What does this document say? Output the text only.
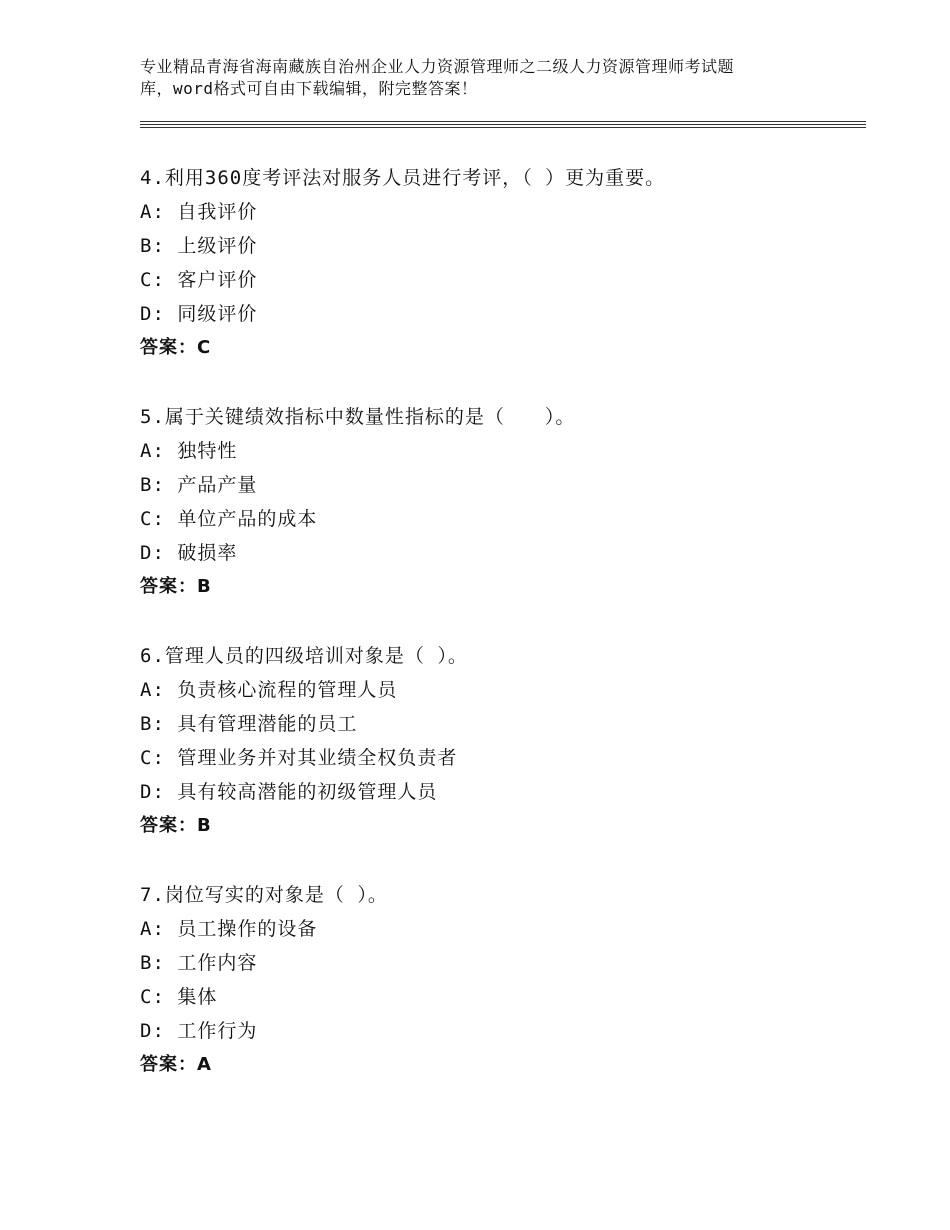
专业精品青海省海南藏族自治州企业人力资源管理师之二级人力资源管理师考试题
库，word格式可自由下载编辑，附完整答案！
4.利用360度考评法对服务人员进行考评，（ ）更为重要。
A: 自我评价
B: 上级评价
C: 客户评价
D: 同级评价
答案：C
5.属于关键绩效指标中数量性指标的是（　　）。
A: 独特性
B: 产品产量
C: 单位产品的成本
D: 破损率
答案：B
6.管理人员的四级培训对象是（ ）。
A: 负责核心流程的管理人员
B: 具有管理潜能的员工
C: 管理业务并对其业绩全权负责者
D: 具有较高潜能的初级管理人员
答案：B
7.岗位写实的对象是（ ）。
A: 员工操作的设备
B: 工作内容
C: 集体
D: 工作行为
答案：A
